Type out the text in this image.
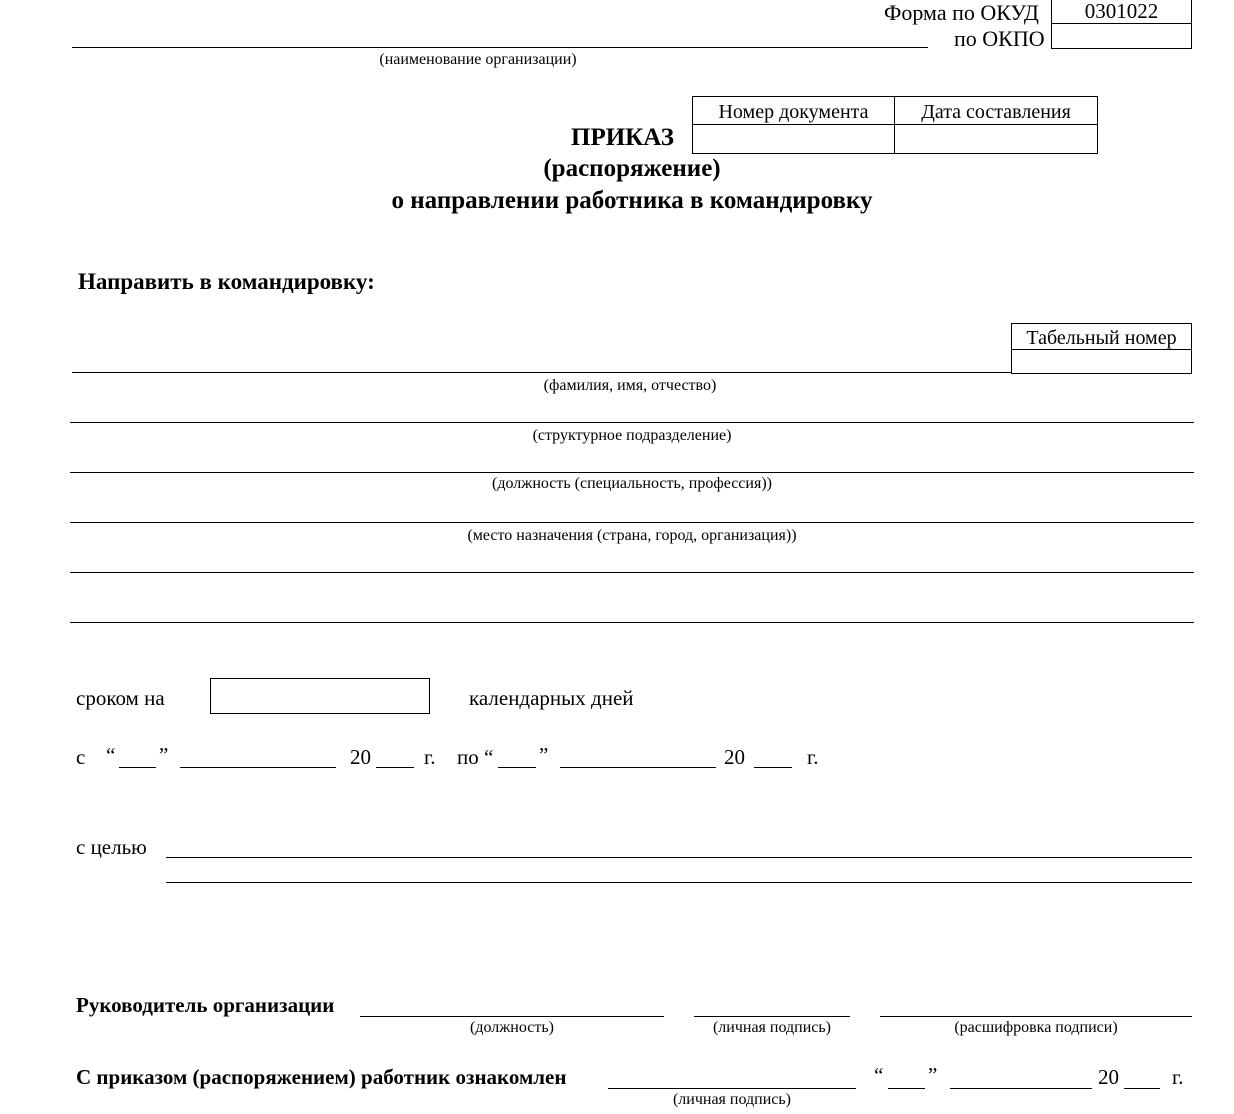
Форма по ОКУД	0301022
по ОКПО
(наименование организации)
Номер документа	Дата составления
ПРИКАЗ
(распоряжение)
о направлении работника в командировку
Направить в командировку:
Табельный номер
(фамилия, имя, отчество)
(структурное подразделение)
(должность (специальность, профессия))
(место назначения (страна, город, организация))
сроком на	календарных дней
с “ ”	20	г. по “ ”	20	г.
с целью
Руководитель организации
(должность)	(личная подпись)	(расшифровка подписи)
С приказом (распоряжением) работник ознакомлен
(личная подпись)
“ ”	20	г.
